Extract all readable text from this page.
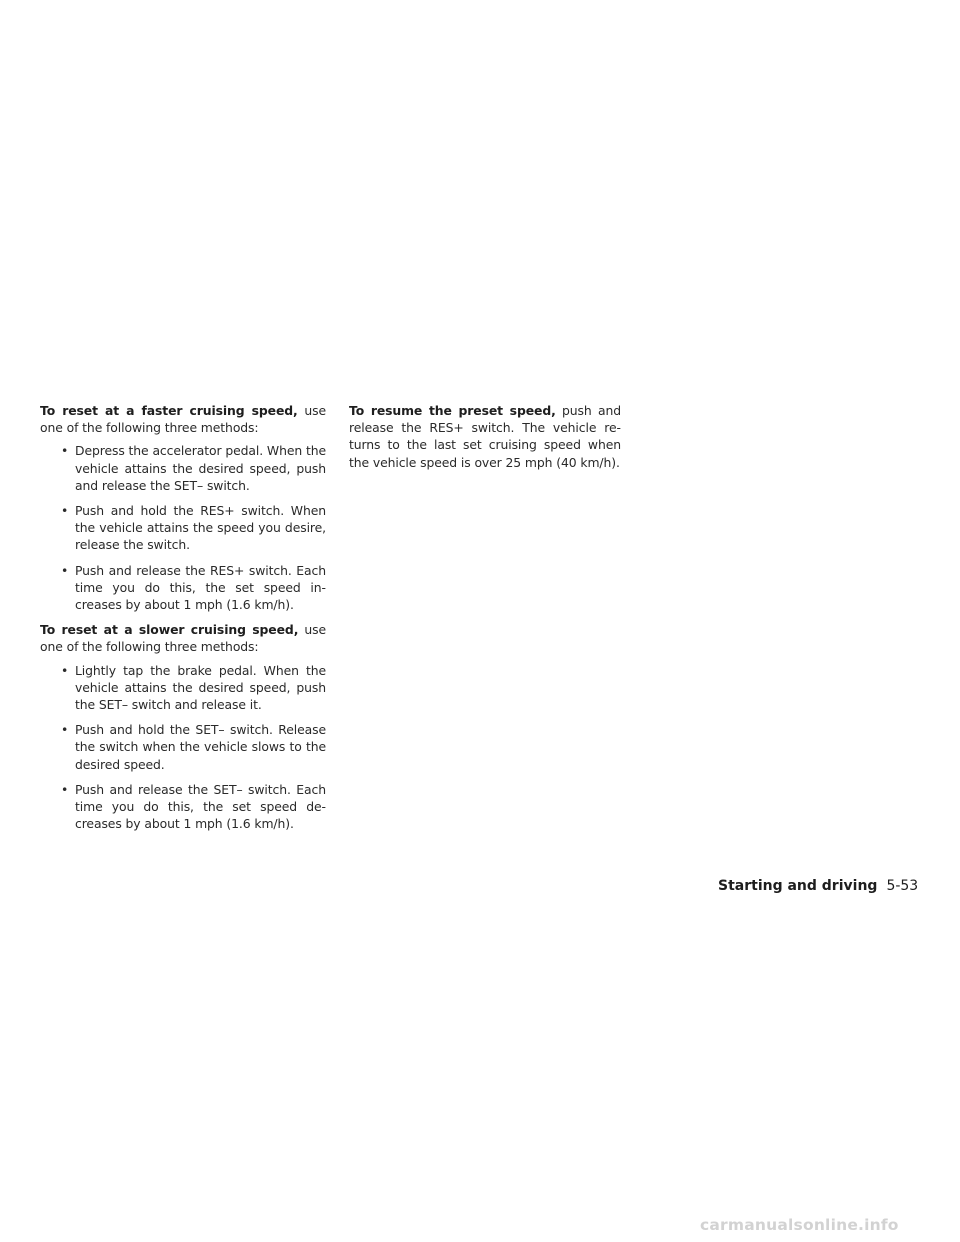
To reset at a faster cruising speed, use one of the following three methods:

• Depress the accelerator pedal. When the vehicle attains the desired speed, push and release the SET– switch.
• Push and hold the RES+ switch. When the vehicle attains the speed you desire, release the switch.
• Push and release the RES+ switch. Each time you do this, the set speed increases by about 1 mph (1.6 km/h).

To reset at a slower cruising speed, use one of the following three methods:

• Lightly tap the brake pedal. When the vehicle attains the desired speed, push the SET– switch and release it.
• Push and hold the SET– switch. Release the switch when the vehicle slows to the desired speed.
• Push and release the SET– switch. Each time you do this, the set speed decreases by about 1 mph (1.6 km/h).

To resume the preset speed, push and release the RES+ switch. The vehicle returns to the last set cruising speed when the vehicle speed is over 25 mph (40 km/h).

Starting and driving 5-53
carmanualsonline.info
